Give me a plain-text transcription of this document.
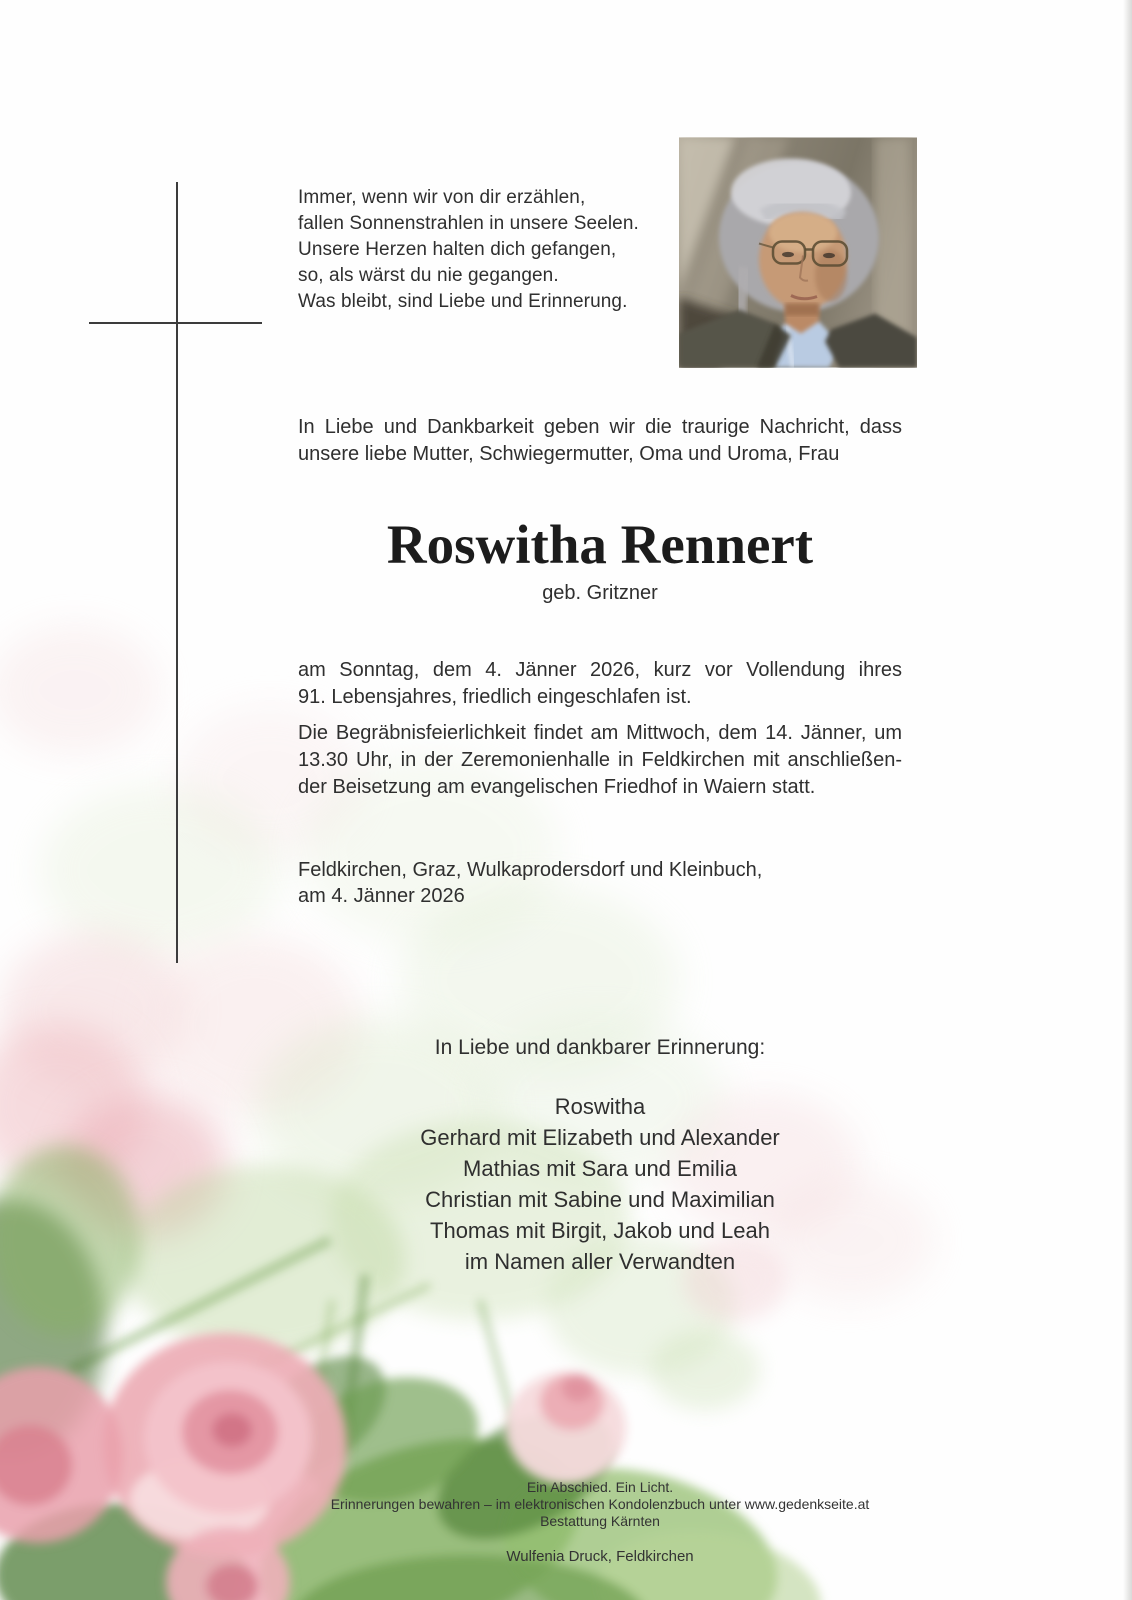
Immer, wenn wir von dir erzählen,
fallen Sonnenstrahlen in unsere Seelen.
Unsere Herzen halten dich gefangen,
so, als wärst du nie gegangen.
Was bleibt, sind Liebe und Erinnerung.
In Liebe und Dankbarkeit geben wir die traurige Nachricht, dass
unsere liebe Mutter, Schwiegermutter, Oma und Uroma, Frau
Roswitha Rennert
geb. Gritzner
am Sonntag, dem 4. Jänner 2026, kurz vor Vollendung ihres
91. Lebensjahres, friedlich eingeschlafen ist.
Die Begräbnisfeierlichkeit findet am Mittwoch, dem 14. Jänner, um
13.30 Uhr, in der Zeremonienhalle in Feldkirchen mit anschließen-
der Beisetzung am evangelischen Friedhof in Waiern statt.
Feldkirchen, Graz, Wulkaprodersdorf und Kleinbuch,
am 4. Jänner 2026
In Liebe und dankbarer Erinnerung:
Roswitha
Gerhard mit Elizabeth und Alexander
Mathias mit Sara und Emilia
Christian mit Sabine und Maximilian
Thomas mit Birgit, Jakob und Leah
im Namen aller Verwandten
Ein Abschied. Ein Licht.
Erinnerungen bewahren – im elektronischen Kondolenzbuch unter www.gedenkseite.at
Bestattung Kärnten
Wulfenia Druck, Feldkirchen
